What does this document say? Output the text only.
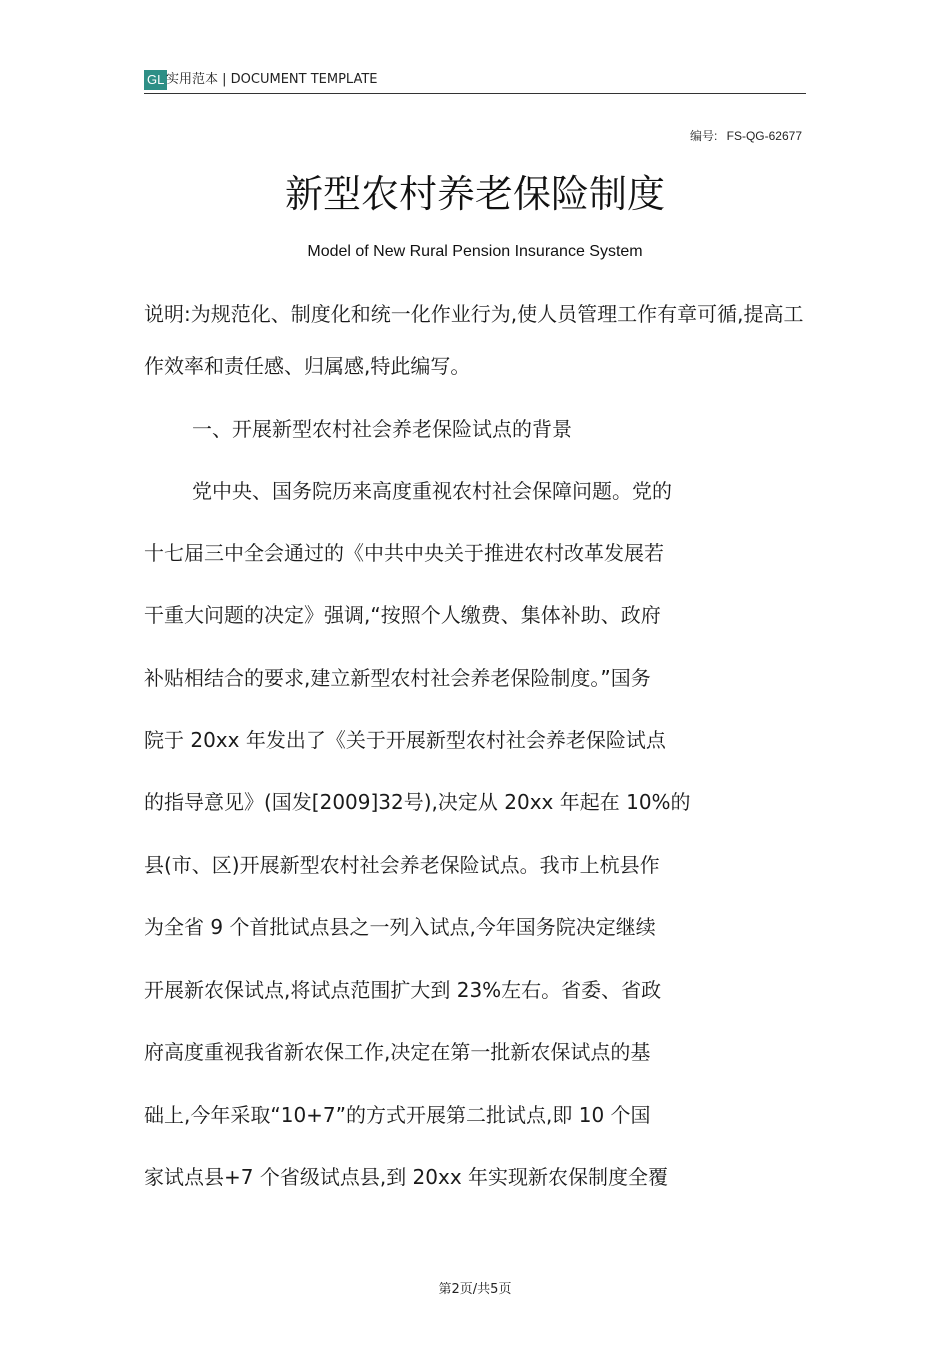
GL 实用范本 | DOCUMENT TEMPLATE
编号: FS-QG-62677
新型农村养老保险制度
Model of New Rural Pension Insurance System
说明:为规范化、制度化和统一化作业行为,使人员管理工作有章可循,提高工作效率和责任感、归属感,特此编写。
一、开展新型农村社会养老保险试点的背景
党中央、国务院历来高度重视农村社会保障问题。党的
十七届三中全会通过的《中共中央关于推进农村改革发展若
干重大问题的决定》强调,“按照个人缴费、集体补助、政府
补贴相结合的要求,建立新型农村社会养老保险制度。”国务
院于 20xx 年发出了《关于开展新型农村社会养老保险试点
的指导意见》(国发[2009]32号),决定从 20xx 年起在 10%的
县(市、区)开展新型农村社会养老保险试点。我市上杭县作
为全省 9 个首批试点县之一列入试点,今年国务院决定继续
开展新农保试点,将试点范围扩大到 23%左右。省委、省政
府高度重视我省新农保工作,决定在第一批新农保试点的基
础上,今年采取“10+7”的方式开展第二批试点,即 10 个国
家试点县+7 个省级试点县,到 20xx 年实现新农保制度全覆
第2页/共5页
